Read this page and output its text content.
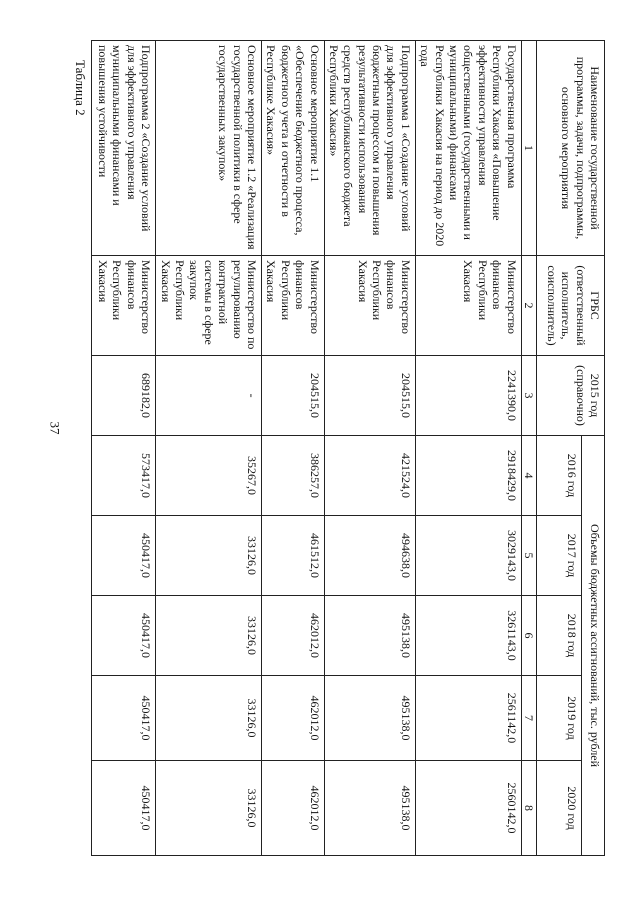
37
Таблица 2	Наименование государственной программы, задачи, подпрограммы, основного мероприятия	ГРБС (ответственный исполнитель, соисполнитель)	2015 год (справочно)	Объемы бюджетных ассигнований, тыс. рублей				
			2016 год	2017 год	2018 год	2019 год	2020 год
1	2	3	4	5	6	7	8
Государственная программа Республики Хакасия «Повышение эффективности управления общественными (государственными и муниципальными) финансами Республики Хакасия на период до 2020 года	Министерство финансов Республики Хакасия	2241390,0	2918429,0	3029143,0	3261143,0	2561142,0	2560142,0
Подпрограмма 1 «Создание условий для эффективного управления бюджетным процессом и повышения результативности использования средств республиканского бюджета Республики Хакасия»	Министерство финансов Республики Хакасия	204515,0	421524,0	494638,0	495138,0	495138,0	495138,0
Основное мероприятие 1.1 «Обеспечение бюджетного процесса, бюджетного учета и отчетности в Республике Хакасия»	Министерство финансов Республики Хакасия	204515,0	386257,0	461512,0	462012,0	462012,0	462012,0
Основное мероприятие 1.2 «Реализация государственной политики в сфере государственных закупок»	Министерство по регулированию контрактной системы в сфере закупок Республики Хакасия	-	35267,0	33126,0	33126,0	33126,0	33126,0
Подпрограмма 2 «Создание условий для эффективного управления муниципальными финансами и повышения устойчивости	Министерство финансов Республики Хакасия	689182,0	573417,0	450417,0	450417,0	450417,0	450417,0
